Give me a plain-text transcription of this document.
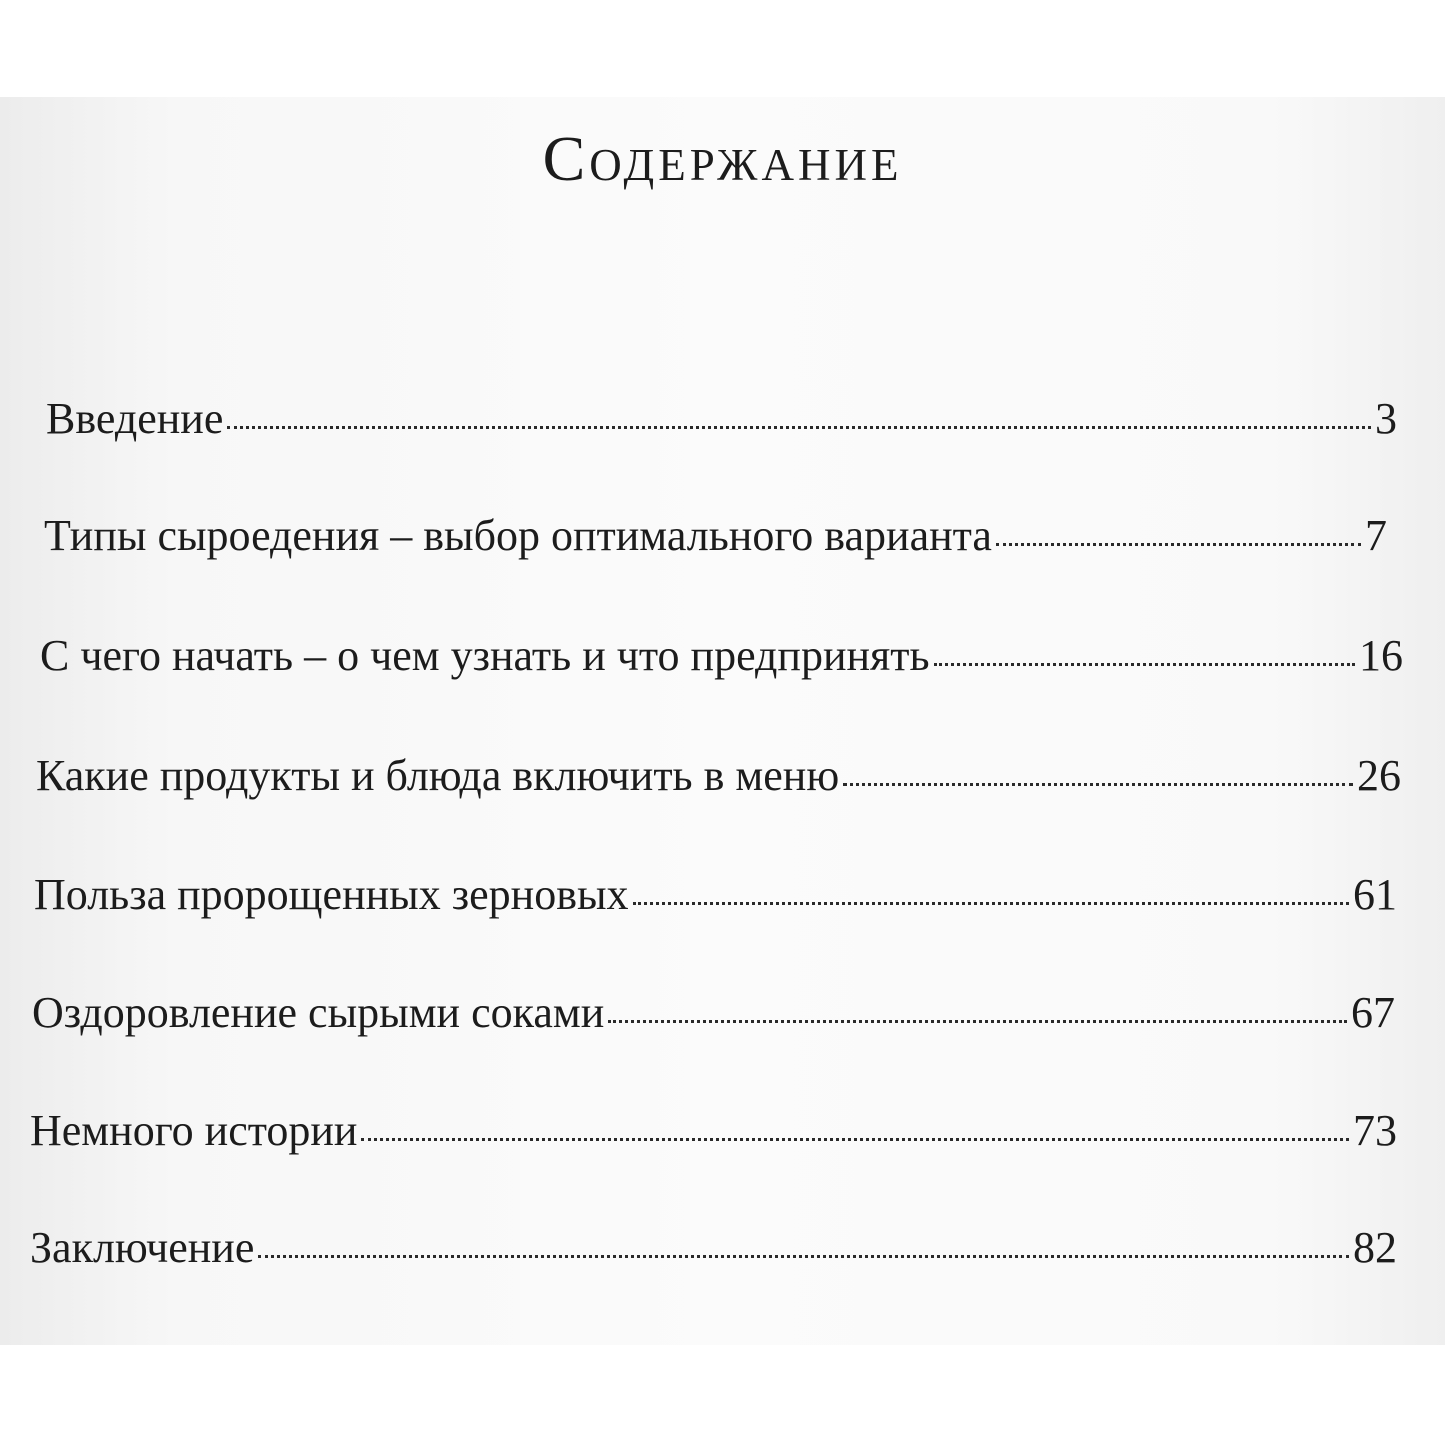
Содержание
Введение	3
Типы сыроедения – выбор оптимального варианта	7
С чего начать – о чем узнать и что предпринять	16
Какие продукты и блюда включить в меню	26
Польза пророщенных зерновых	61
Оздоровление сырыми соками	67
Немного истории	73
Заключение	82
